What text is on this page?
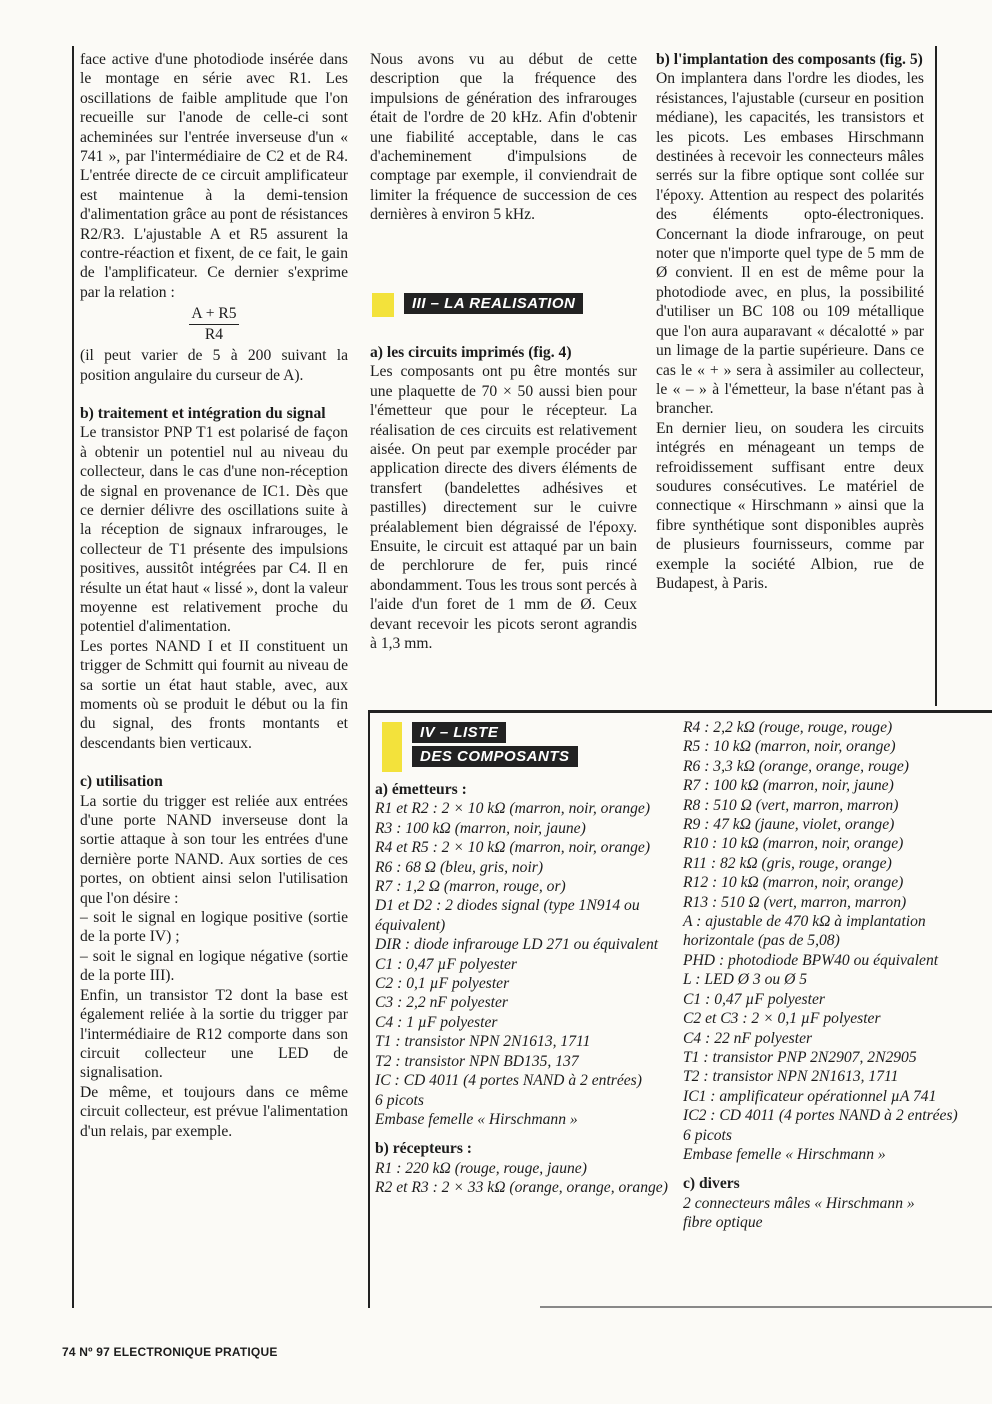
face active d'une photodiode insérée dans le montage en série avec R1. Les oscillations de faible amplitude que l'on recueille sur l'anode de celle-ci sont acheminées sur l'entrée inverseuse d'un « 741 », par l'intermédiaire de C2 et de R4. L'entrée directe de ce circuit amplificateur est maintenue à la demi-tension d'alimentation grâce au pont de résistances R2/R3. L'ajustable A et R5 assurent la contre-réaction et fixent, de ce fait, le gain de l'amplificateur. Ce dernier s'exprime par la relation :

A + R5
R4

(il peut varier de 5 à 200 suivant la position angulaire du curseur de A).

b) traitement et intégration du signal

Le transistor PNP T1 est polarisé de façon à obtenir un potentiel nul au niveau du collecteur, dans le cas d'une non-réception de signal en provenance de IC1. Dès que ce dernier délivre des oscillations suite à la réception de signaux infrarouges, le collecteur de T1 présente des impulsions positives, aussitôt intégrées par C4. Il en résulte un état haut « lissé », dont la valeur moyenne est relativement proche du potentiel d'alimentation.

Les portes NAND I et II constituent un trigger de Schmitt qui fournit au niveau de sa sortie un état haut stable, avec, aux moments où se produit le début ou la fin du signal, des fronts montants et descendants bien verticaux.

c) utilisation

La sortie du trigger est reliée aux entrées d'une porte NAND inverseuse dont la sortie attaque à son tour les entrées d'une dernière porte NAND. Aux sorties de ces portes, on obtient ainsi selon l'utilisation que l'on désire :

– soit le signal en logique positive (sortie de la porte IV) ;

– soit le signal en logique négative (sortie de la porte III).

Enfin, un transistor T2 dont la base est également reliée à la sortie du trigger par l'intermédiaire de R12 comporte dans son circuit collecteur une LED de signalisation.

De même, et toujours dans ce même circuit collecteur, est prévue l'alimentation d'un relais, par exemple.

Nous avons vu au début de cette description que la fréquence des impulsions de génération des infrarouges était de l'ordre de 20 kHz. Afin d'obtenir une fiabilité acceptable, dans le cas d'acheminement d'impulsions de comptage par exemple, il conviendrait de limiter la fréquence de succession de ces dernières à environ 5 kHz.

III – LA REALISATION

a) les circuits imprimés (fig. 4)

Les composants ont pu être montés sur une plaquette de 70 × 50 aussi bien pour l'émetteur que pour le récepteur. La réalisation de ces circuits est relativement aisée. On peut par exemple procéder par application directe des divers éléments de transfert (bandelettes adhésives et pastilles) directement sur le cuivre préalablement bien dégraissé de l'époxy. Ensuite, le circuit est attaqué par un bain de perchlorure de fer, puis rincé abondamment. Tous les trous sont percés à l'aide d'un foret de 1 mm de Ø. Ceux devant recevoir les picots seront agrandis à 1,3 mm.

b) l'implantation des composants (fig. 5)

On implantera dans l'ordre les diodes, les résistances, l'ajustable (curseur en position médiane), les capacités, les transistors et les picots. Les embases Hirschmann destinées à recevoir les connecteurs mâles serrés sur la fibre optique sont collée sur l'époxy. Attention au respect des polarités des éléments opto-électroniques. Concernant la diode infrarouge, on peut noter que n'importe quel type de 5 mm de Ø convient. Il en est de même pour la photodiode avec, en plus, la possibilité d'utiliser un BC 108 ou 109 métallique que l'on aura auparavant « décalotté » par un limage de la partie supérieure. Dans ce cas le « + » sera à assimiler au collecteur, le « – » à l'émetteur, la base n'étant pas à brancher.

En dernier lieu, on soudera les circuits intégrés en ménageant un temps de refroidissement suffisant entre deux soudures consécutives. Le matériel de connectique « Hirschmann » ainsi que la fibre synthétique sont disponibles auprès de plusieurs fournisseurs, comme par exemple la société Albion, rue de Budapest, à Paris.

IV – LISTE
DES COMPOSANTS

a) émetteurs :

R1 et R2 : 2 × 10 kΩ (marron, noir, orange)

R3 : 100 kΩ (marron, noir, jaune)

R4 et R5 : 2 × 10 kΩ (marron, noir, orange)

R6 : 68 Ω (bleu, gris, noir)

R7 : 1,2 Ω (marron, rouge, or)

D1 et D2 : 2 diodes signal (type 1N914 ou équivalent)

DIR : diode infrarouge LD 271 ou équivalent

C1 : 0,47 µF polyester

C2 : 0,1 µF polyester

C3 : 2,2 nF polyester

C4 : 1 µF polyester

T1 : transistor NPN 2N1613, 1711

T2 : transistor NPN BD135, 137

IC : CD 4011 (4 portes NAND à 2 entrées)

6 picots

Embase femelle « Hirschmann »

b) récepteurs :

R1 : 220 kΩ (rouge, rouge, jaune)

R2 et R3 : 2 × 33 kΩ (orange, orange, orange)

R4 : 2,2 kΩ (rouge, rouge, rouge)

R5 : 10 kΩ (marron, noir, orange)

R6 : 3,3 kΩ (orange, orange, rouge)

R7 : 100 kΩ (marron, noir, jaune)

R8 : 510 Ω (vert, marron, marron)

R9 : 47 kΩ (jaune, violet, orange)

R10 : 10 kΩ (marron, noir, orange)

R11 : 82 kΩ (gris, rouge, orange)

R12 : 10 kΩ (marron, noir, orange)

R13 : 510 Ω (vert, marron, marron)

A : ajustable de 470 kΩ à implantation horizontale (pas de 5,08)

PHD : photodiode BPW40 ou équivalent

L : LED Ø 3 ou Ø 5

C1 : 0,47 µF polyester

C2 et C3 : 2 × 0,1 µF polyester

C4 : 22 nF polyester

T1 : transistor PNP 2N2907, 2N2905

T2 : transistor NPN 2N1613, 1711

IC1 : amplificateur opérationnel µA 741

IC2 : CD 4011 (4 portes NAND à 2 entrées)

6 picots

Embase femelle « Hirschmann »

c) divers

2 connecteurs mâles « Hirschmann »

fibre optique

74 Nº 97 ELECTRONIQUE PRATIQUE
